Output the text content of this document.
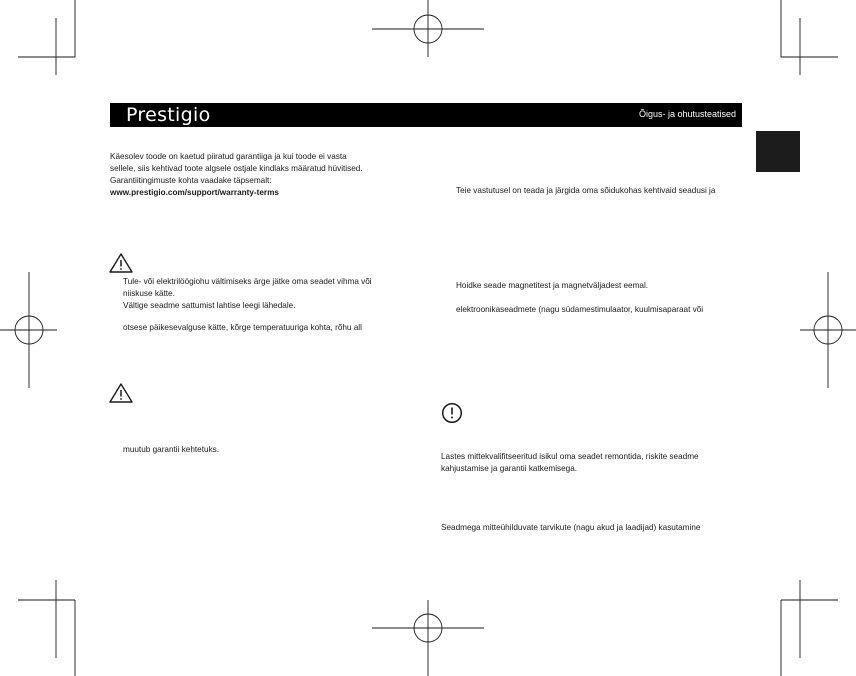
Prestigio	Õigus- ja ohutusteatised
Käesolev toode on kaetud piiratud garantiiga ja kui toode ei vasta
sellele, siis kehtivad toote algsele ostjale kindlaks määratud hüvitised.
Garantiitingimuste kohta vaadake täpsemalt:
www.prestigio.com/support/warranty-terms
Tule- või elektrilöögiohu vältimiseks ärge jätke oma seadet vihma või
niiskuse kätte.
Vältige seadme sattumist lahtise leegi lähedale.
otsese päikesevalguse kätte, kõrge temperatuuriga kohta, rõhu all
muutub garantii kehtetuks.
Teie vastutusel on teada ja järgida oma sõidukohas kehtivaid seadusi ja
Hoidke seade magnetitest ja magnetväljadest eemal.
elektroonikaseadmete (nagu südamestimulaator, kuulmisaparaat või
Lastes mittekvalifitseeritud isikul oma seadet remontida, riskite seadme
kahjustamise ja garantii katkemisega.
Seadmega mitteühilduvate tarvikute (nagu akud ja laadijad) kasutamine
